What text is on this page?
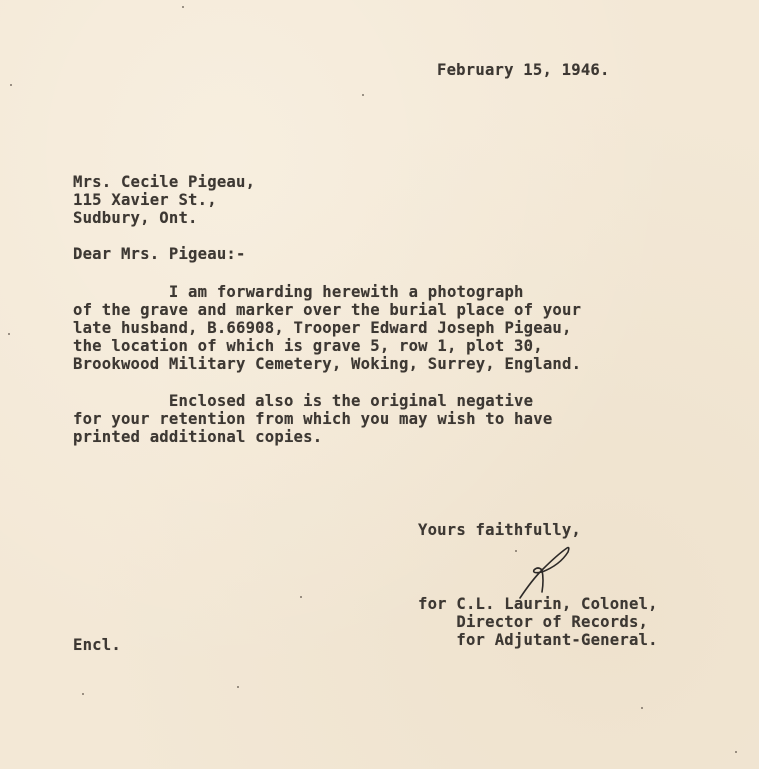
February 15, 1946.
Mrs. Cecile Pigeau,
115 Xavier St.,
Sudbury, Ont.
Dear Mrs. Pigeau:-
I am forwarding herewith a photograph
of the grave and marker over the burial place of your
late husband, B.66908, Trooper Edward Joseph Pigeau,
the location of which is grave 5, row 1, plot 30,
Brookwood Military Cemetery, Woking, Surrey, England.
Enclosed also is the original negative
for your retention from which you may wish to have
printed additional copies.
Yours faithfully,
for C.L. Laurin, Colonel,
Director of Records,
for Adjutant-General.
Encl.
